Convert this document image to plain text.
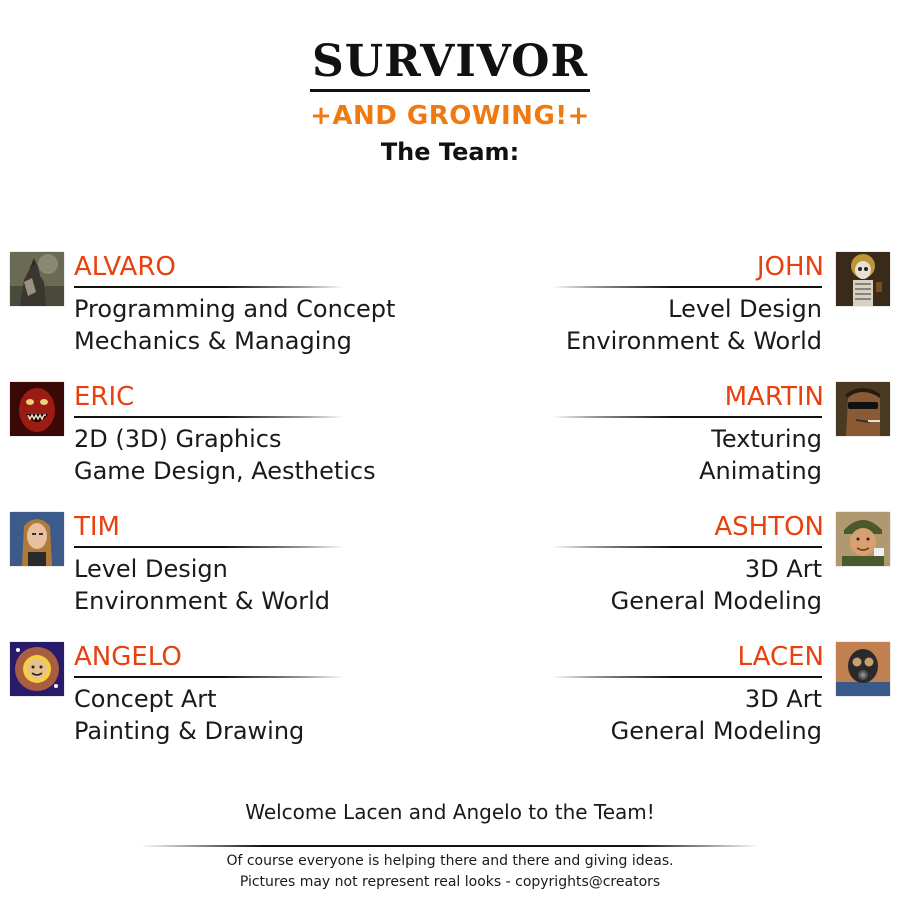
SURVIVOR
+AND GROWING!+
The Team:
ALVARO
Programming and Concept
Mechanics & Managing
ERIC
2D (3D) Graphics
Game Design, Aesthetics
TIM
Level Design
Environment & World
ANGELO
Concept Art
Painting & Drawing
JOHN
Level Design
Environment & World
MARTIN
Texturing
Animating
ASHTON
3D Art
General Modeling
LACEN
3D Art
General Modeling
Welcome Lacen and Angelo to the Team!
Of course everyone is helping there and there and giving ideas.
Pictures may not represent real looks - copyrights@creators
